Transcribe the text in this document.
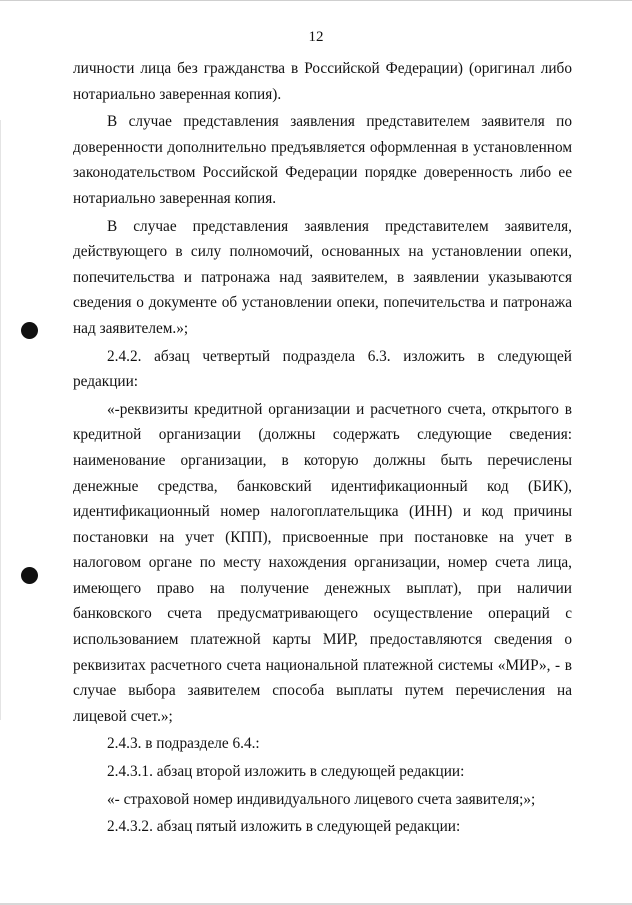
12

личности лица без гражданства в Российской Федерации) (оригинал либо нотариально заверенная копия).

В случае представления заявления представителем заявителя по доверенности дополнительно предъявляется оформленная в установленном законодательством Российской Федерации порядке доверенность либо ее нотариально заверенная копия.

В случае представления заявления представителем заявителя, действующего в силу полномочий, основанных на установлении опеки, попечительства и патронажа над заявителем, в заявлении указываются сведения о документе об установлении опеки, попечительства и патронажа над заявителем.»;

2.4.2. абзац четвертый подраздела 6.3. изложить в следующей редакции:

«-реквизиты кредитной организации и расчетного счета, открытого в кредитной организации (должны содержать следующие сведения: наименование организации, в которую должны быть перечислены денежные средства, банковский идентификационный код (БИК), идентификационный номер налогоплательщика (ИНН) и код причины постановки на учет (КПП), присвоенные при постановке на учет в налоговом органе по месту нахождения организации, номер счета лица, имеющего право на получение денежных выплат), при наличии банковского счета предусматривающего осуществление операций с использованием платежной карты МИР, предоставляются сведения о реквизитах расчетного счета национальной платежной системы «МИР», - в случае выбора заявителем способа выплаты путем перечисления на лицевой счет.»;

2.4.3. в подразделе 6.4.:

2.4.3.1. абзац второй изложить в следующей редакции:

«- страховой номер индивидуального лицевого счета заявителя;»;

2.4.3.2. абзац пятый изложить в следующей редакции:
